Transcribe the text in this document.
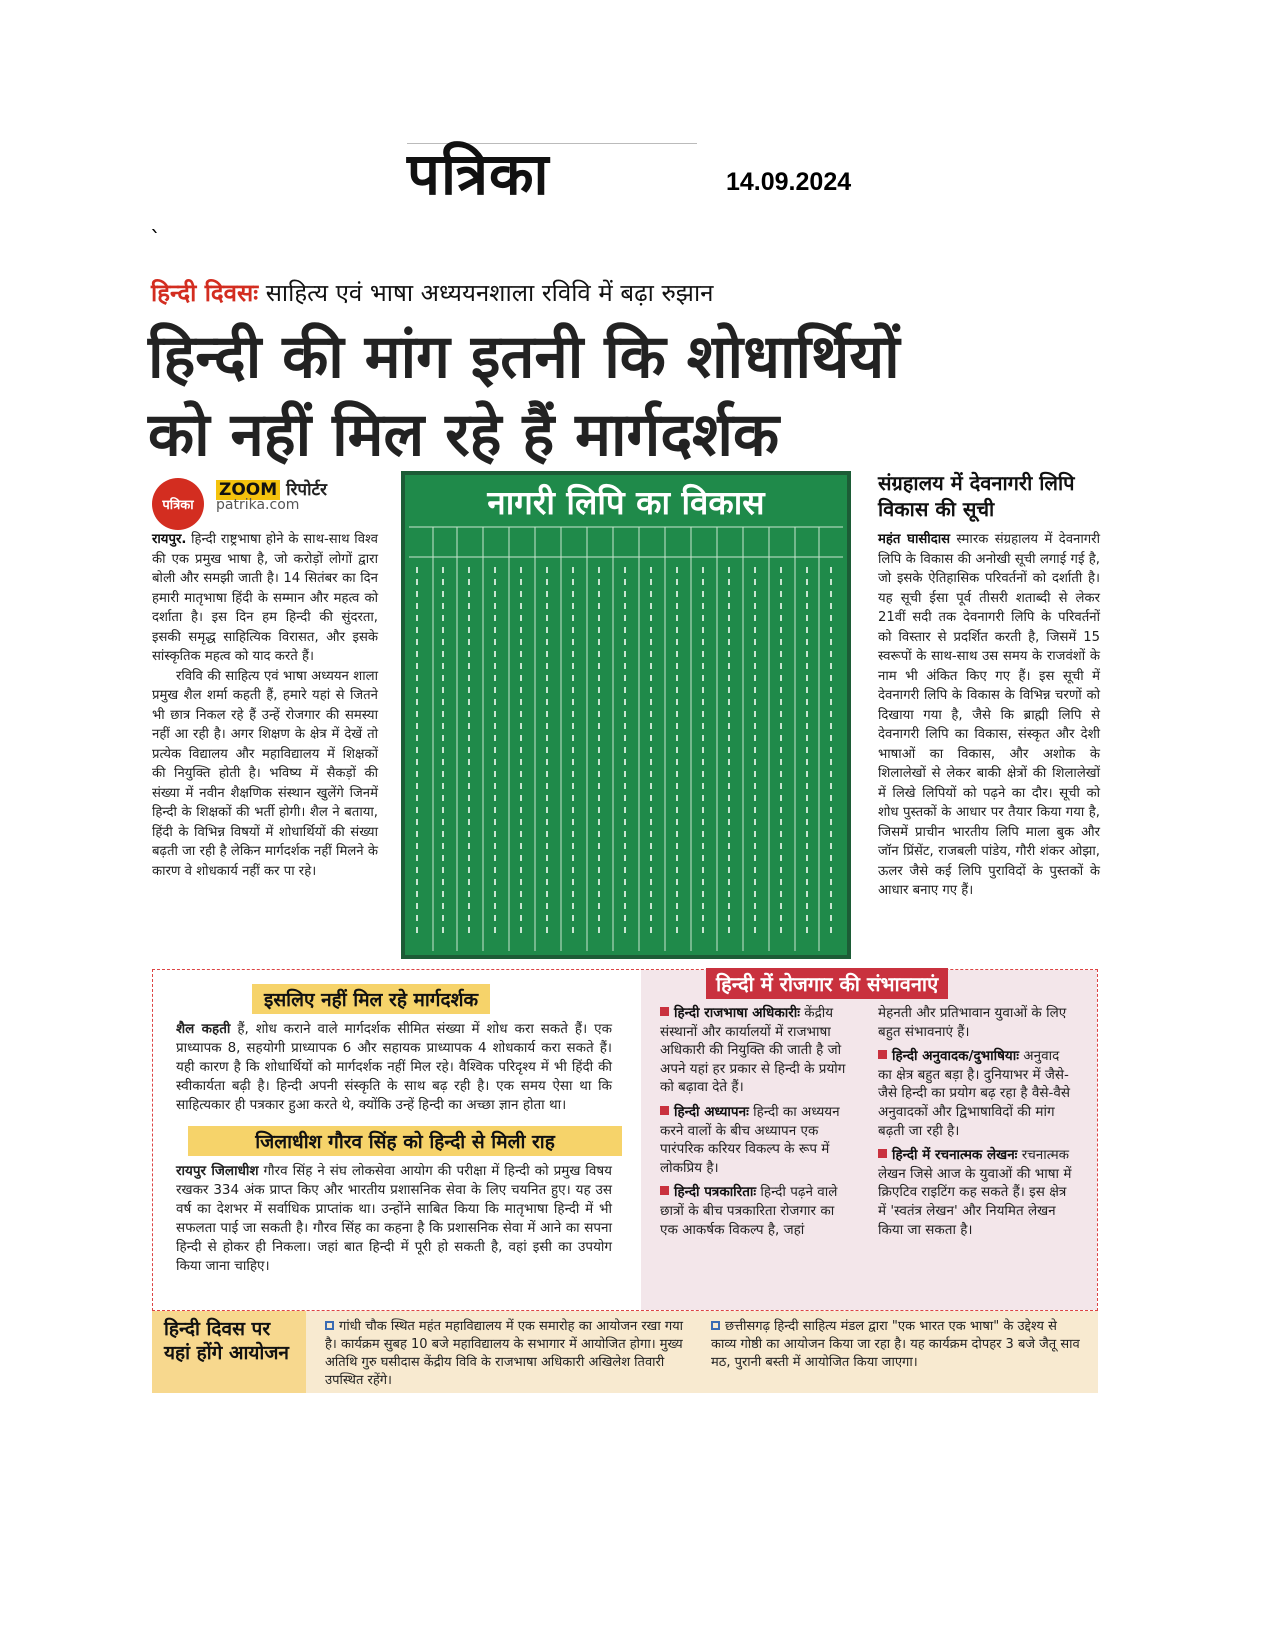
पत्रिका	14.09.2024
`
हिन्दी दिवसः साहित्य एवं भाषा अध्ययनशाला रविवि में बढ़ा रुझान
हिन्दी की मांग इतनी कि शोधार्थियों
को नहीं मिल रहे हैं मार्गदर्शक
पत्रिका
ZOOM रिपोर्टर
patrika.com
रायपुर. हिन्दी राष्ट्रभाषा होने के साथ-साथ विश्व की एक प्रमुख भाषा है, जो करोड़ों लोगों द्वारा बोली और समझी जाती है। 14 सितंबर का दिन हमारी मातृभाषा हिंदी के सम्मान और महत्व को दर्शाता है। इस दिन हम हिन्दी की सुंदरता, इसकी समृद्ध साहित्यिक विरासत, और इसके सांस्कृतिक महत्व को याद करते हैं।
रविवि की साहित्य एवं भाषा अध्ययन शाला प्रमुख शैल शर्मा कहती हैं, हमारे यहां से जितने भी छात्र निकल रहे हैं उन्हें रोजगार की समस्या नहीं आ रही है। अगर शिक्षण के क्षेत्र में देखें तो प्रत्येक विद्यालय और महाविद्यालय में शिक्षकों की नियुक्ति होती है। भविष्य में सैकड़ों की संख्या में नवीन शैक्षणिक संस्थान खुलेंगे जिनमें हिन्दी के शिक्षकों की भर्ती होगी। शैल ने बताया, हिंदी के विभिन्न विषयों में शोधार्थियों की संख्या बढ़ती जा रही है लेकिन मार्गदर्शक नहीं मिलने के कारण वे शोधकार्य नहीं कर पा रहे।
नागरी लिपि का विकास	संग्रहालय में देवनागरी लिपि विकास की सूची
महंत घासीदास स्मारक संग्रहालय में देवनागरी लिपि के विकास की अनोखी सूची लगाई गई है, जो इसके ऐतिहासिक परिवर्तनों को दर्शाती है। यह सूची ईसा पूर्व तीसरी शताब्दी से लेकर 21वीं सदी तक देवनागरी लिपि के परिवर्तनों को विस्तार से प्रदर्शित करती है, जिसमें 15 स्वरूपों के साथ-साथ उस समय के राजवंशों के नाम भी अंकित किए गए हैं। इस सूची में देवनागरी लिपि के विकास के विभिन्न चरणों को दिखाया गया है, जैसे कि ब्राह्मी लिपि से देवनागरी लिपि का विकास, संस्कृत और देशी भाषाओं का विकास, और अशोक के शिलालेखों से लेकर बाकी क्षेत्रों की शिलालेखों में लिखे लिपियों को पढ़ने का दौर। सूची को शोध पुस्तकों के आधार पर तैयार किया गया है, जिसमें प्राचीन भारतीय लिपि माला बुक और जॉन प्रिंसेंट, राजबली पांडेय, गौरी शंकर ओझा, ऊलर जैसे कई लिपि पुराविदों के पुस्तकों के आधार बनाए गए हैं।
इसलिए नहीं मिल रहे मार्गदर्शक
शैल कहती हैं, शोध कराने वाले मार्गदर्शक सीमित संख्या में शोध करा सकते हैं। एक प्राध्यापक 8, सहयोगी प्राध्यापक 6 और सहायक प्राध्यापक 4 शोधकार्य करा सकते हैं। यही कारण है कि शोधार्थियों को मार्गदर्शक नहीं मिल रहे। वैश्विक परिदृश्य में भी हिंदी की स्वीकार्यता बढ़ी है। हिन्दी अपनी संस्कृति के साथ बढ़ रही है। एक समय ऐसा था कि साहित्यकार ही पत्रकार हुआ करते थे, क्योंकि उन्हें हिन्दी का अच्छा ज्ञान होता था।
जिलाधीश गौरव सिंह को हिन्दी से मिली राह
रायपुर जिलाधीश गौरव सिंह ने संघ लोकसेवा आयोग की परीक्षा में हिन्दी को प्रमुख विषय रखकर 334 अंक प्राप्त किए और भारतीय प्रशासनिक सेवा के लिए चयनित हुए। यह उस वर्ष का देशभर में सर्वाधिक प्राप्तांक था। उन्होंने साबित किया कि मातृभाषा हिन्दी में भी सफलता पाई जा सकती है। गौरव सिंह का कहना है कि प्रशासनिक सेवा में आने का सपना हिन्दी से होकर ही निकला। जहां बात हिन्दी में पूरी हो सकती है, वहां इसी का उपयोग किया जाना चाहिए।
हिन्दी में रोजगार की संभावनाएं
हिन्दी राजभाषा अधिकारीः केंद्रीय संस्थानों और कार्यालयों में राजभाषा अधिकारी की नियुक्ति की जाती है जो अपने यहां हर प्रकार से हिन्दी के प्रयोग को बढ़ावा देते हैं।
हिन्दी अध्यापनः हिन्दी का अध्ययन करने वालों के बीच अध्यापन एक पारंपरिक करियर विकल्प के रूप में लोकप्रिय है।
हिन्दी पत्रकारिताः हिन्दी पढ़ने वाले छात्रों के बीच पत्रकारिता रोजगार का एक आकर्षक विकल्प है, जहां
मेहनती और प्रतिभावान युवाओं के लिए बहुत संभावनाएं हैं।
हिन्दी अनुवादक/दुभाषियाः अनुवाद का क्षेत्र बहुत बड़ा है। दुनियाभर में जैसे-जैसे हिन्दी का प्रयोग बढ़ रहा है वैसे-वैसे अनुवादकों और द्विभाषाविदों की मांग बढ़ती जा रही है।
हिन्दी में रचनात्मक लेखनः रचनात्मक लेखन जिसे आज के युवाओं की भाषा में क्रिएटिव राइटिंग कह सकते हैं। इस क्षेत्र में 'स्वतंत्र लेखन' और नियमित लेखन किया जा सकता है।
हिन्दी दिवस पर यहां होंगे आयोजन
गांधी चौक स्थित महंत महाविद्यालय में एक समारोह का आयोजन रखा गया है। कार्यक्रम सुबह 10 बजे महाविद्यालय के सभागार में आयोजित होगा। मुख्य अतिथि गुरु घसीदास केंद्रीय विवि के राजभाषा अधिकारी अखिलेश तिवारी उपस्थित रहेंगे।
छत्तीसगढ़ हिन्दी साहित्य मंडल द्वारा "एक भारत एक भाषा" के उद्देश्य से काव्य गोष्ठी का आयोजन किया जा रहा है। यह कार्यक्रम दोपहर 3 बजे जैतू साव मठ, पुरानी बस्ती में आयोजित किया जाएगा।
